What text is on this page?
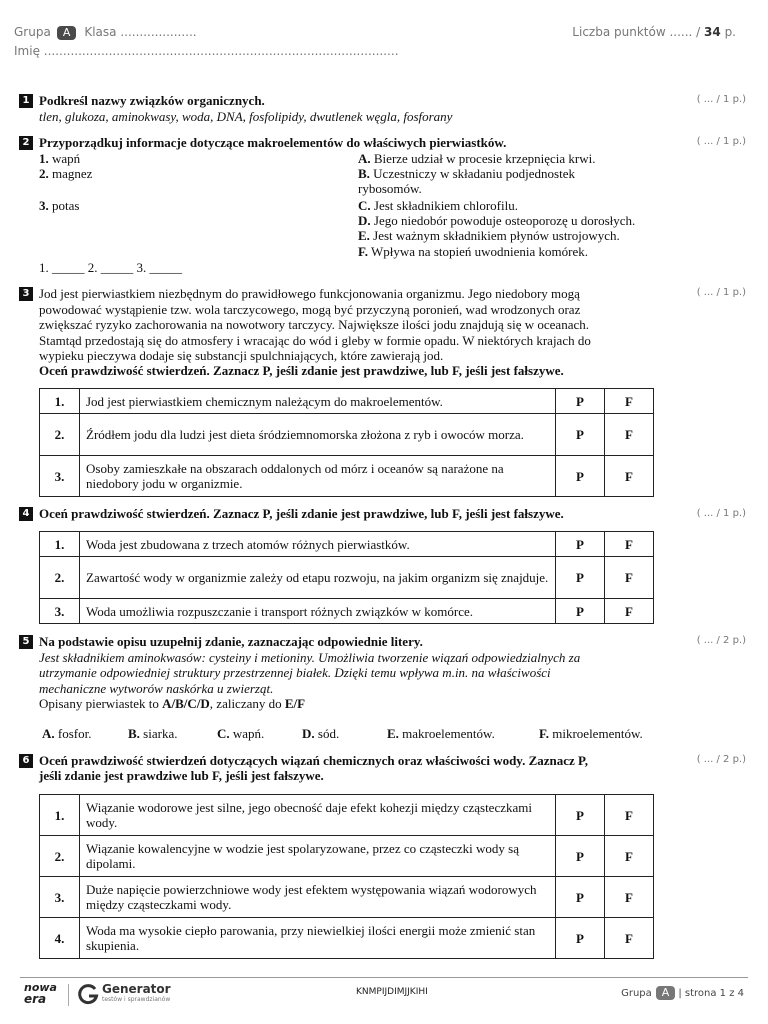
Grupa A Klasa ....................
Imię .............................................................................................
Liczba punktów ...... / 34 p.
1	( ... / 1 p.)
Podkreśl nazwy związków organicznych.
tlen, glukoza, aminokwasy, woda, DNA, fosfolipidy, dwutlenek węgla, fosforany
2	( ... / 1 p.)
Przyporządkuj informacje dotyczące makroelementów do właściwych pierwiastków.
1. wapń
2. magnez
3. potas
A. Bierze udział w procesie krzepnięcia krwi.
B. Uczestniczy w składaniu podjednostek
rybosomów.
C. Jest składnikiem chlorofilu.
D. Jego niedobór powoduje osteoporozę u dorosłych.
E. Jest ważnym składnikiem płynów ustrojowych.
F. Wpływa na stopień uwodnienia komórek.
1. _____ 2. _____ 3. _____
3	( ... / 1 p.)
Jod jest pierwiastkiem niezbędnym do prawidłowego funkcjonowania organizmu. Jego niedobory mogą
powodować wystąpienie tzw. wola tarczycowego, mogą być przyczyną poronień, wad wrodzonych oraz
zwiększać ryzyko zachorowania na nowotwory tarczycy. Największe ilości jodu znajdują się w oceanach.
Stamtąd przedostają się do atmosfery i wracając do wód i gleby w formie opadu. W niektórych krajach do
wypieku pieczywa dodaje się substancji spulchniających, które zawierają jod.
Oceń prawdziwość stwierdzeń. Zaznacz P, jeśli zdanie jest prawdziwe, lub F, jeśli jest fałszywe.
1.	Jod jest pierwiastkiem chemicznym należącym do makroelementów.	P	F
2.	Źródłem jodu dla ludzi jest dieta śródziemnomorska złożona z ryb i owoców morza.	P	F
3.	Osoby zamieszkałe na obszarach oddalonych od mórz i oceanów są narażone na niedobory jodu w organizmie.	P	F
4	( ... / 1 p.)
Oceń prawdziwość stwierdzeń. Zaznacz P, jeśli zdanie jest prawdziwe, lub F, jeśli jest fałszywe.
1.	Woda jest zbudowana z trzech atomów różnych pierwiastków.	P	F
2.	Zawartość wody w organizmie zależy od etapu rozwoju, na jakim organizm się znajduje.	P	F
3.	Woda umożliwia rozpuszczanie i transport różnych związków w komórce.	P	F
5	( ... / 2 p.)
Na podstawie opisu uzupełnij zdanie, zaznaczając odpowiednie litery.
Jest składnikiem aminokwasów: cysteiny i metioniny. Umożliwia tworzenie wiązań odpowiedzialnych za
utrzymanie odpowiedniej struktury przestrzennej białek. Dzięki temu wpływa m.in. na właściwości
mechaniczne wytworów naskórka u zwierząt.
Opisany pierwiastek to A/B/C/D, zaliczany do E/F
A. fosfor.	B. siarka.	C. wapń.	D. sód.	E. makroelementów.	F. mikroelementów.
6	( ... / 2 p.)
Oceń prawdziwość stwierdzeń dotyczących wiązań chemicznych oraz właściwości wody. Zaznacz P,
jeśli zdanie jest prawdziwe lub F, jeśli jest fałszywe.
1.	Wiązanie wodorowe jest silne, jego obecność daje efekt kohezji między cząsteczkami wody.	P	F
2.	Wiązanie kowalencyjne w wodzie jest spolaryzowane, przez co cząsteczki wody są dipolami.	P	F
3.	Duże napięcie powierzchniowe wody jest efektem występowania wiązań wodorowych między cząsteczkami wody.	P	F
4.	Woda ma wysokie ciepło parowania, przy niewielkiej ilości energii może zmienić stan skupienia.	P	F
nowa
era
Generator
testów i sprawdzianów
KNMPIJDIMJJKIHI	Grupa A | strona 1 z 4
